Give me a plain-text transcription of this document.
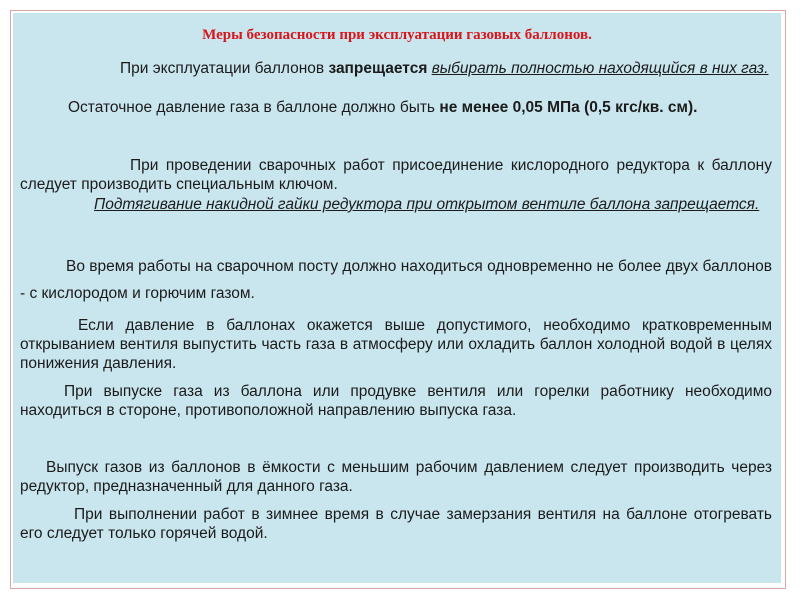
Меры безопасности при эксплуатации газовых баллонов.

При эксплуатации баллонов запрещается выбирать полностью находящийся в них газ.

Остаточное давление газа в баллоне должно быть не менее 0,05 МПа (0,5 кгс/кв. см).

При проведении сварочных работ присоединение кислородного редуктора к баллону следует производить специальным ключом.

Подтягивание накидной гайки редуктора при открытом вентиле баллона запрещается.

Во время работы на сварочном посту должно находиться одновременно не более двух баллонов - с кислородом и горючим газом.

Если давление в баллонах окажется выше допустимого, необходимо кратковременным открыванием вентиля выпустить часть газа в атмосферу или охладить баллон холодной водой в целях понижения давления.

При выпуске газа из баллона или продувке вентиля или горелки работнику необходимо находиться в стороне, противоположной направлению выпуска газа.

Выпуск газов из баллонов в ёмкости с меньшим рабочим давлением следует производить через редуктор, предназначенный для данного газа.

При выполнении работ в зимнее время в случае замерзания вентиля на баллоне отогревать его следует только горячей водой.
